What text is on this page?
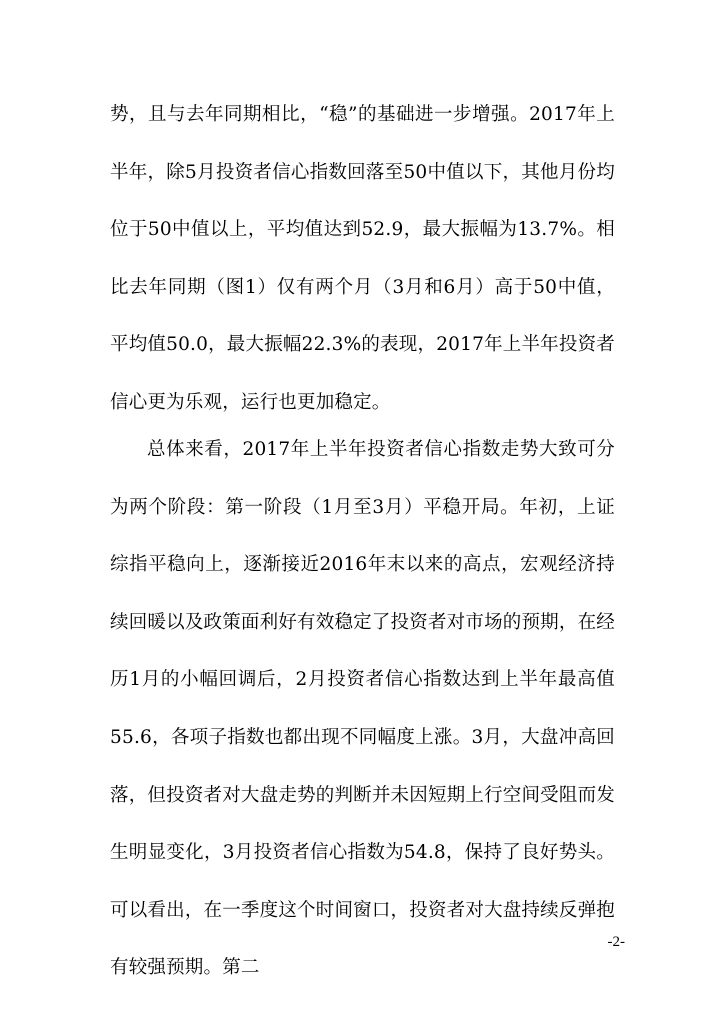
势，且与去年同期相比，“稳”的基础进一步增强。2017年上半年，除5月投资者信心指数回落至50中值以下，其他月份均位于50中值以上，平均值达到52.9，最大振幅为13.7%。相比去年同期（图1）仅有两个月（3月和6月）高于50中值，平均值50.0，最大振幅22.3%的表现，2017年上半年投资者信心更为乐观，运行也更加稳定。

总体来看，2017年上半年投资者信心指数走势大致可分为两个阶段：第一阶段（1月至3月）平稳开局。年初，上证综指平稳向上，逐渐接近2016年末以来的高点，宏观经济持续回暖以及政策面利好有效稳定了投资者对市场的预期，在经历1月的小幅回调后，2月投资者信心指数达到上半年最高值55.6，各项子指数也都出现不同幅度上涨。3月，大盘冲高回落，但投资者对大盘走势的判断并未因短期上行空间受阻而发生明显变化，3月投资者信心指数为54.8，保持了良好势头。可以看出，在一季度这个时间窗口，投资者对大盘持续反弹抱有较强预期。第二

-2-
